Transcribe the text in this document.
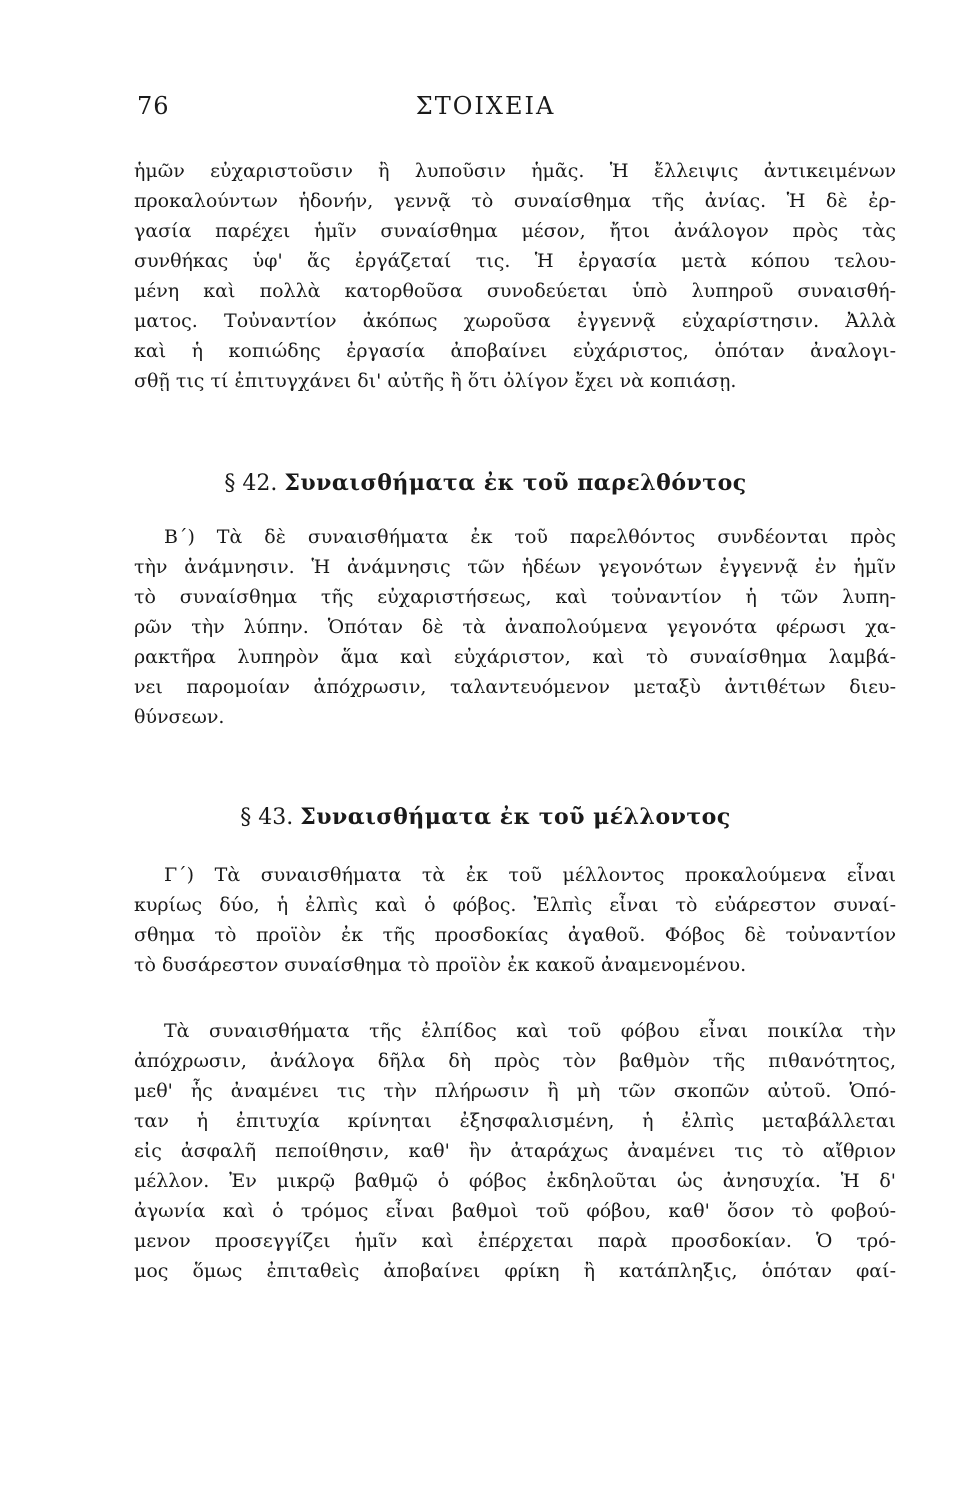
76	ΣΤΟΙΧΕΙΑ
ἡμῶν εὐχαριστοῦσιν ἢ λυποῦσιν ἡμᾶς. Ἡ ἔλλειψις ἀντικειμένων
προκαλούντων ἡδονήν, γεννᾷ τὸ συναίσθημα τῆς ἀνίας. Ἡ δὲ ἐρ-
γασία παρέχει ἡμῖν συναίσθημα μέσον, ἤτοι ἀνάλογον πρὸς τὰς
συνθήκας ὑφ' ἅς ἐργάζεταί τις. Ἡ ἐργασία μετὰ κόπου τελου-
μένη καὶ πολλὰ κατορθοῦσα συνοδεύεται ὑπὸ λυπηροῦ συναισθή-
ματος. Τοὐναντίον ἀκόπως χωροῦσα ἐγγεννᾷ εὐχαρίστησιν. Ἀλλὰ
καὶ ἡ κοπιώδης ἐργασία ἀποβαίνει εὐχάριστος, ὁπόταν ἀναλογι-
σθῇ τις τί ἐπιτυγχάνει δι' αὐτῆς ἢ ὅτι ὀλίγον ἔχει νὰ κοπιάσῃ.
§ 42. Συναισθήματα ἐκ τοῦ παρελθόντος
Β΄) Τὰ δὲ συναισθήματα ἐκ τοῦ παρελθόντος συνδέονται πρὸς
τὴν ἀνάμνησιν. Ἡ ἀνάμνησις τῶν ἡδέων γεγονότων ἐγγεννᾷ ἐν ἡμῖν
τὸ συναίσθημα τῆς εὐχαριστήσεως, καὶ τοὐναντίον ἡ τῶν λυπη-
ρῶν τὴν λύπην. Ὁπόταν δὲ τὰ ἀναπολούμενα γεγονότα φέρωσι χα-
ρακτῆρα λυπηρὸν ἅμα καὶ εὐχάριστον, καὶ τὸ συναίσθημα λαμβά-
νει παρομοίαν ἀπόχρωσιν, ταλαντευόμενον μεταξὺ ἀντιθέτων διευ-
θύνσεων.
§ 43. Συναισθήματα ἐκ τοῦ μέλλοντος
Γ΄) Τὰ συναισθήματα τὰ ἐκ τοῦ μέλλοντος προκαλούμενα εἶναι
κυρίως δύο, ἡ ἐλπὶς καὶ ὁ φόβος. Ἐλπὶς εἶναι τὸ εὐάρεστον συναί-
σθημα τὸ προϊὸν ἐκ τῆς προσδοκίας ἀγαθοῦ. Φόβος δὲ τοὐναντίον
τὸ δυσάρεστον συναίσθημα τὸ προϊὸν ἐκ κακοῦ ἀναμενομένου.
Τὰ συναισθήματα τῆς ἐλπίδος καὶ τοῦ φόβου εἶναι ποικίλα τὴν
ἀπόχρωσιν, ἀνάλογα δῆλα δὴ πρὸς τὸν βαθμὸν τῆς πιθανότητος,
μεθ' ἧς ἀναμένει τις τὴν πλήρωσιν ἢ μὴ τῶν σκοπῶν αὐτοῦ. Ὁπό-
ταν ἡ ἐπιτυχία κρίνηται ἐξησφαλισμένη, ἡ ἐλπὶς μεταβάλλεται
εἰς ἀσφαλῆ πεποίθησιν, καθ' ἣν ἀταράχως ἀναμένει τις τὸ αἴθριον
μέλλον. Ἐν μικρῷ βαθμῷ ὁ φόβος ἐκδηλοῦται ὡς ἀνησυχία. Ἡ δ'
ἀγωνία καὶ ὁ τρόμος εἶναι βαθμοὶ τοῦ φόβου, καθ' ὅσον τὸ φοβού-
μενον προσεγγίζει ἡμῖν καὶ ἐπέρχεται παρὰ προσδοκίαν. Ὁ τρό-
μος ὅμως ἐπιταθεὶς ἀποβαίνει φρίκη ἢ κατάπληξις, ὁπόταν φαί-
